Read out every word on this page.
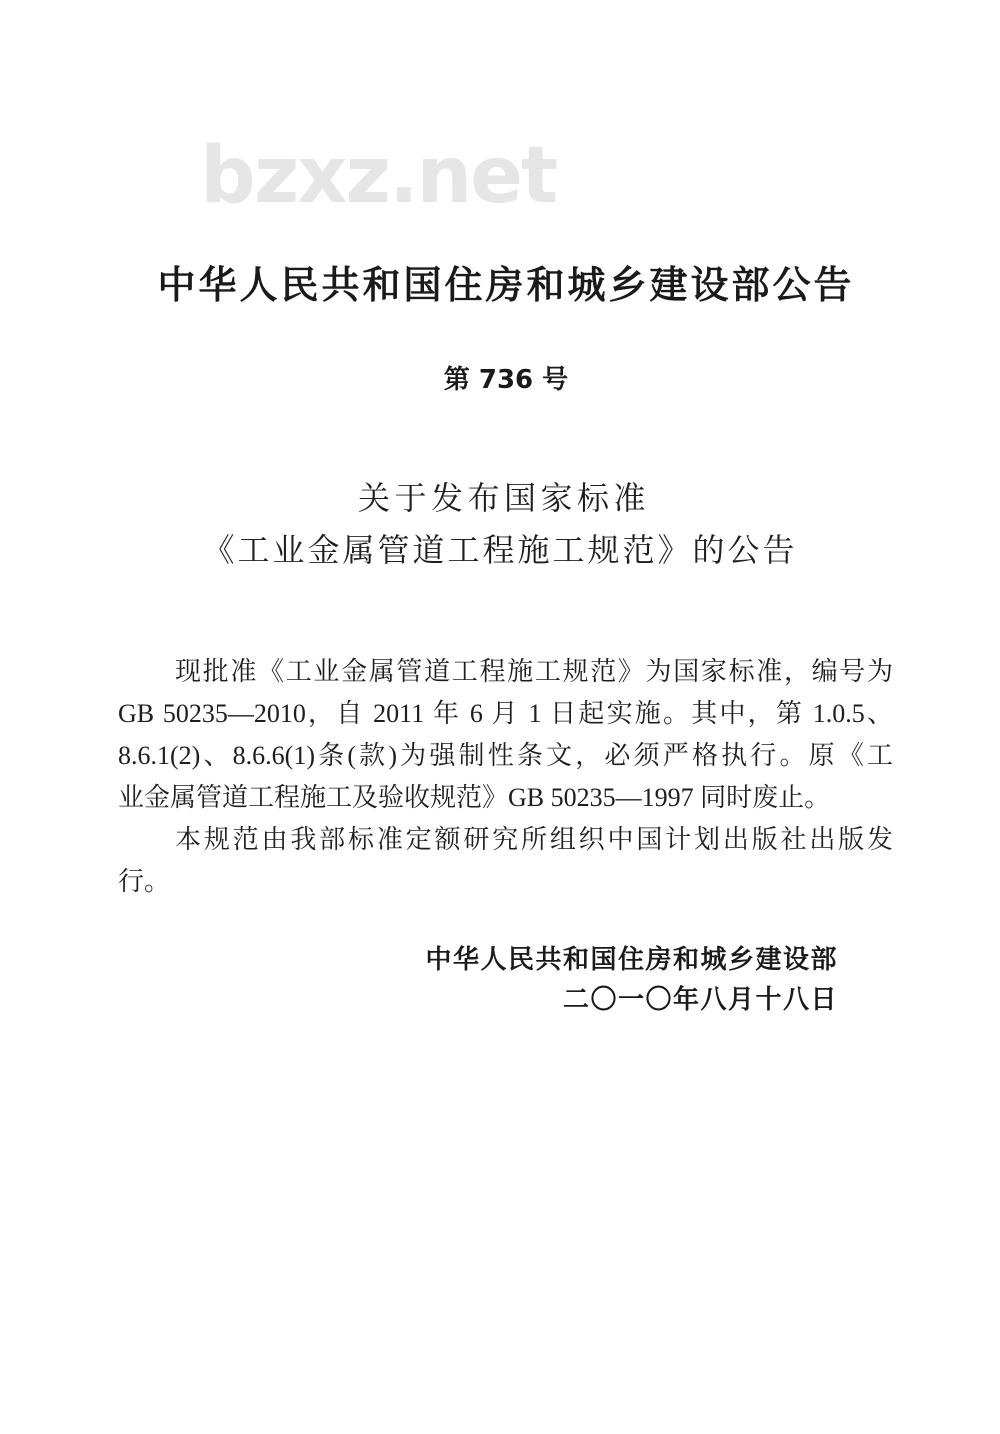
bzxz.net
中华人民共和国住房和城乡建设部公告
第 736 号
关于发布国家标准
《工业金属管道工程施工规范》的公告
现批准《工业金属管道工程施工规范》为国家标准，编号为
GB 50235—2010，自 2011 年 6 月 1 日起实施。其中，第 1.0.5、
8.6.1(2)、8.6.6(1)条(款)为强制性条文，必须严格执行。原《工
业金属管道工程施工及验收规范》GB 50235—1997 同时废止。
本规范由我部标准定额研究所组织中国计划出版社出版发
行。
中华人民共和国住房和城乡建设部
二〇一〇年八月十八日
